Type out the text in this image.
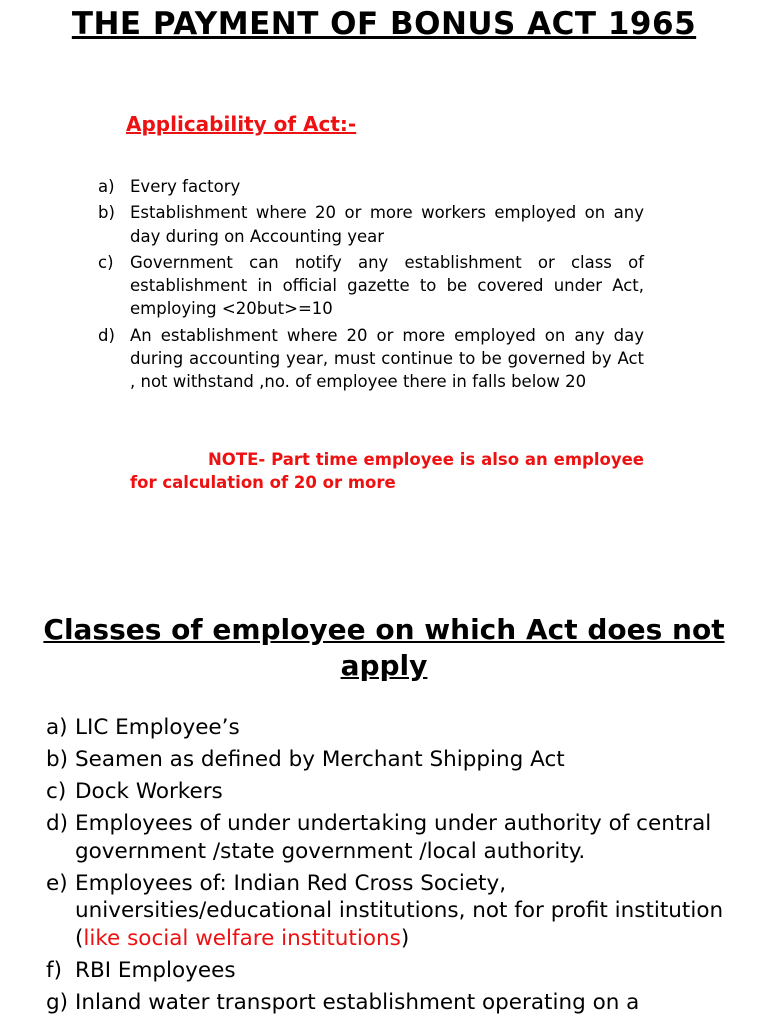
THE PAYMENT OF BONUS ACT 1965
Applicability of Act:-
a) Every factory
b) Establishment where 20 or more workers employed on any day during on Accounting year
c) Government can notify any establishment or class of establishment in official gazette to be covered under Act, employing <20but>=10
d) An establishment where 20 or more employed on any day during accounting year, must continue to be governed by Act , not withstand ,no. of employee there in falls below 20

NOTE- Part time employee is also an employee for calculation of 20 or more

Classes of employee on which Act does not apply
a) LIC Employee’s
b) Seamen as defined by Merchant Shipping Act
c) Dock Workers
d) Employees of under undertaking under authority of central government /state government /local authority.
e) Employees of: Indian Red Cross Society, universities/educational institutions, not for profit institution (like social welfare institutions)
f) RBI Employees
g) Inland water transport establishment operating on a
